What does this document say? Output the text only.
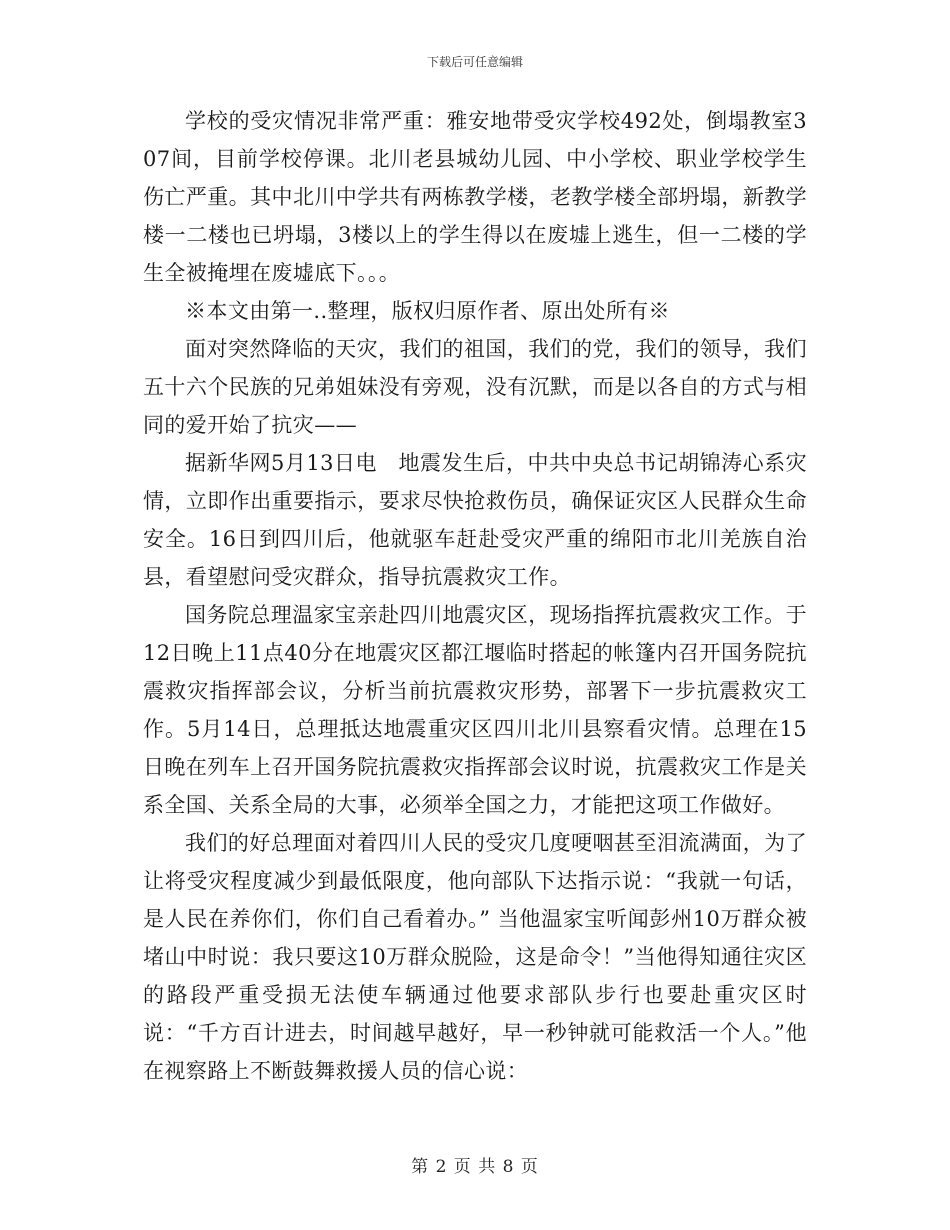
下载后可任意编辑

学校的受灾情况非常严重：雅安地带受灾学校492处，倒塌教室307间，目前学校停课。北川老县城幼儿园、中小学校、职业学校学生伤亡严重。其中北川中学共有两栋教学楼，老教学楼全部坍塌，新教学楼一二楼也已坍塌，3楼以上的学生得以在废墟上逃生，但一二楼的学生全被掩埋在废墟底下。。。

※本文由第一..整理，版权归原作者、原出处所有※

面对突然降临的天灾，我们的祖国，我们的党，我们的领导，我们五十六个民族的兄弟姐妹没有旁观，没有沉默，而是以各自的方式与相同的爱开始了抗灾——

据新华网5月13日电　地震发生后，中共中央总书记胡锦涛心系灾情，立即作出重要指示，要求尽快抢救伤员，确保证灾区人民群众生命安全。16日到四川后，他就驱车赶赴受灾严重的绵阳市北川羌族自治县，看望慰问受灾群众，指导抗震救灾工作。

国务院总理温家宝亲赴四川地震灾区，现场指挥抗震救灾工作。于12日晚上11点40分在地震灾区都江堰临时搭起的帐篷内召开国务院抗震救灾指挥部会议，分析当前抗震救灾形势，部署下一步抗震救灾工作。5月14日，总理抵达地震重灾区四川北川县察看灾情。总理在15日晚在列车上召开国务院抗震救灾指挥部会议时说，抗震救灾工作是关系全国、关系全局的大事，必须举全国之力，才能把这项工作做好。

我们的好总理面对着四川人民的受灾几度哽咽甚至泪流满面，为了让将受灾程度减少到最低限度，他向部队下达指示说：“我就一句话，是人民在养你们，你们自己看着办。” 当他温家宝听闻彭州10万群众被堵山中时说：我只要这10万群众脱险，这是命令！”当他得知通往灾区的路段严重受损无法使车辆通过他要求部队步行也要赴重灾区时说：“千方百计进去，时间越早越好，早一秒钟就可能救活一个人。”他在视察路上不断鼓舞救援人员的信心说：

第 2 页 共 8 页
